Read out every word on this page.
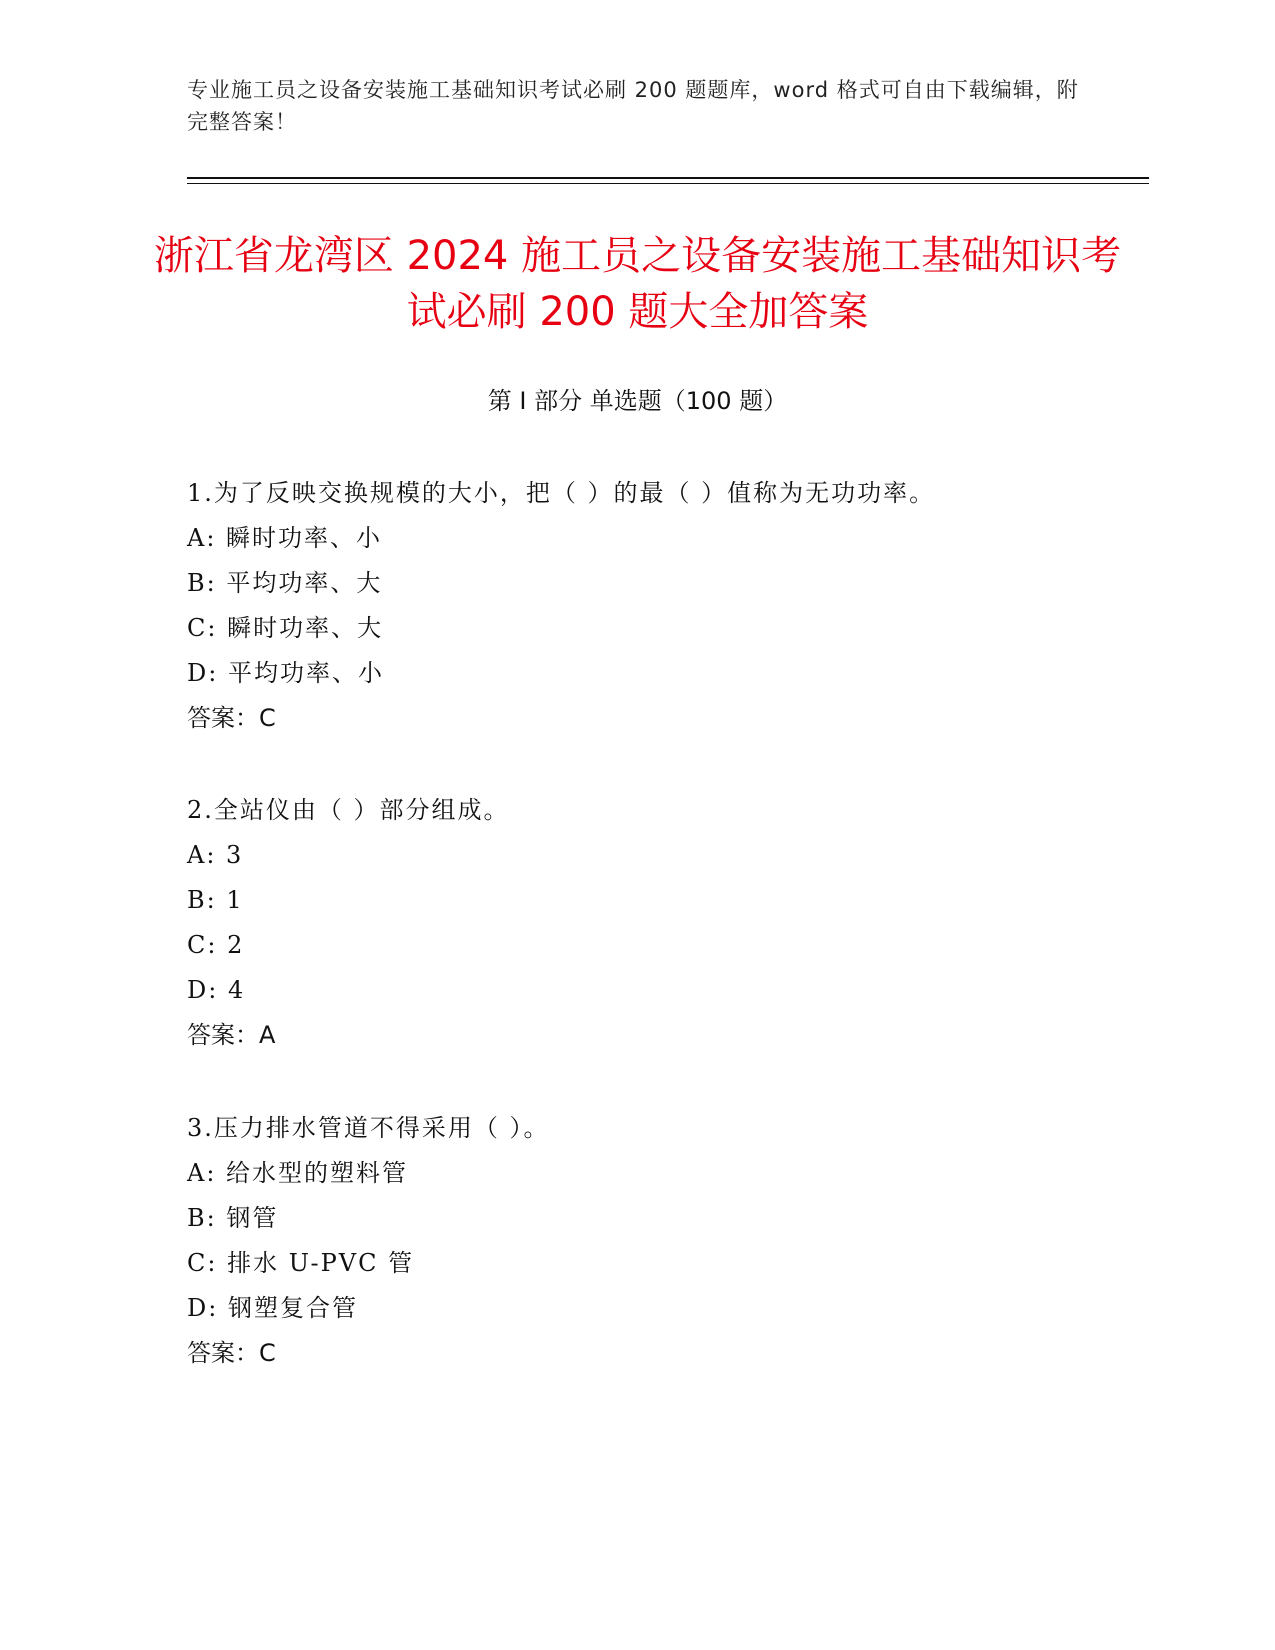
专业施工员之设备安装施工基础知识考试必刷 200 题题库，word 格式可自由下载编辑，附完整答案！
浙江省龙湾区 2024 施工员之设备安装施工基础知识考试必刷 200 题大全加答案
第 I 部分 单选题（100 题）
1.为了反映交换规模的大小，把（ ）的最（ ）值称为无功功率。
A: 瞬时功率、小
B: 平均功率、大
C: 瞬时功率、大
D: 平均功率、小
答案：C
2.全站仪由（ ）部分组成。
A: 3
B: 1
C: 2
D: 4
答案：A
3.压力排水管道不得采用（ ）。
A: 给水型的塑料管
B: 钢管
C: 排水 U-PVC 管
D: 钢塑复合管
答案：C
